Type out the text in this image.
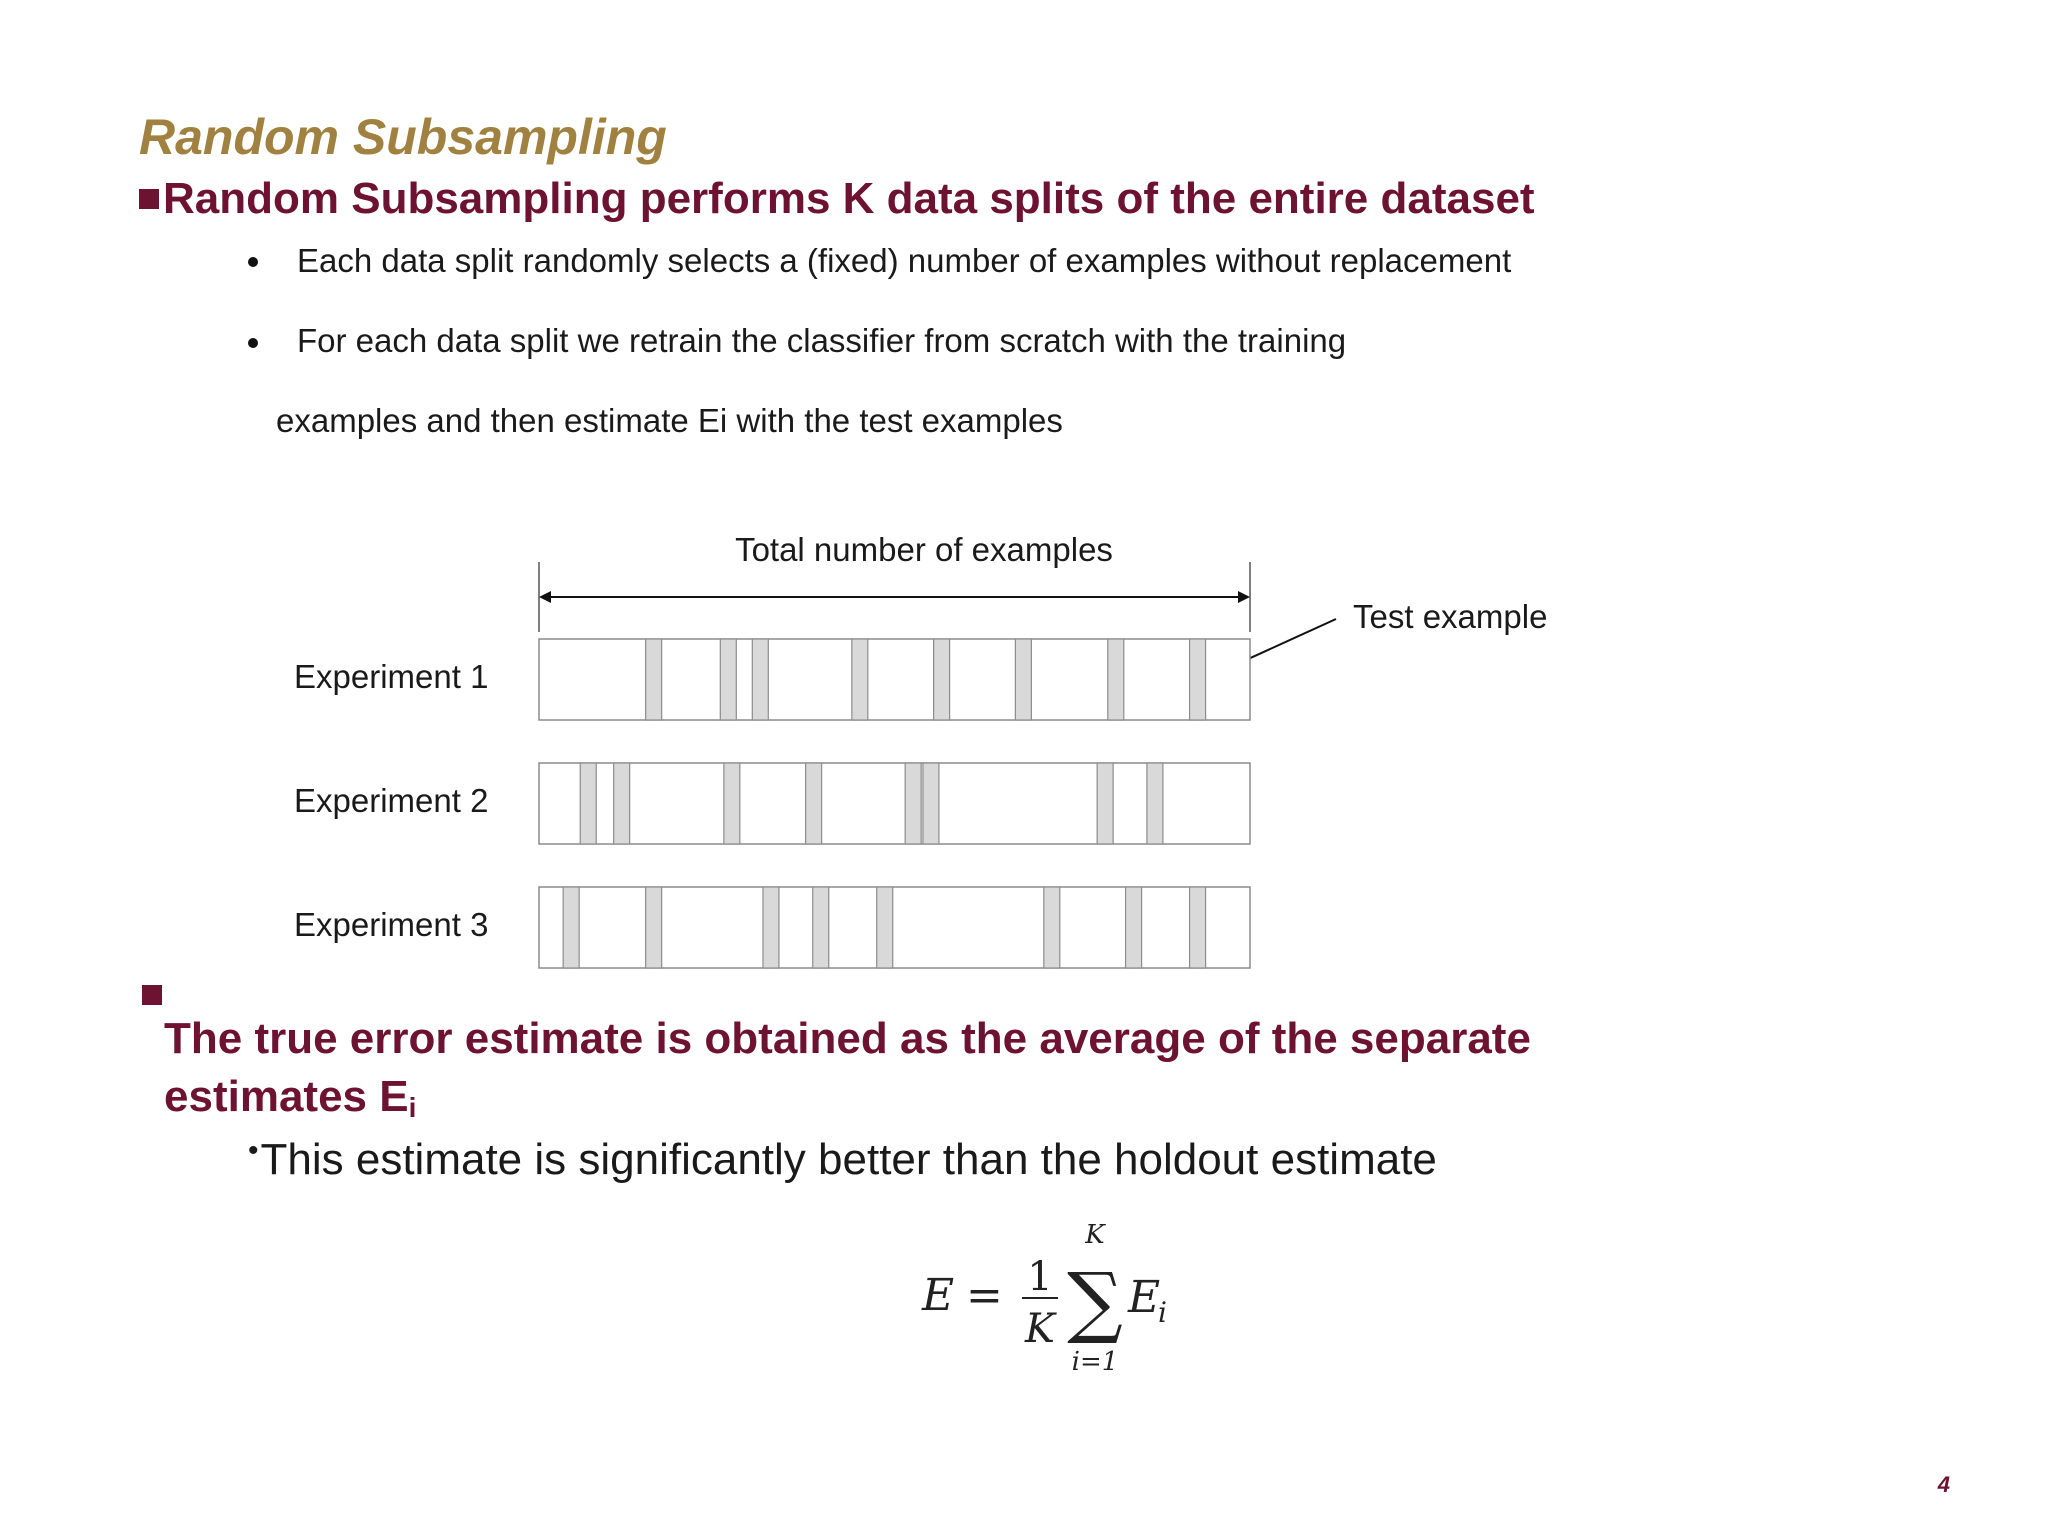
Random Subsampling
Random Subsampling performs K data splits of the entire dataset
Each data split randomly selects a (fixed) number of examples without replacement
For each data split we retrain the classifier from scratch with the training
examples and then estimate Ei with the test examples
Experiment 1
Experiment 2
Experiment 3
Total number of examples
Test example
The true error estimate is obtained as the average of the separate estimates $E_i$
•This estimate is significantly better than the holdout estimate
E = 1
K
K
∑
i=1
E
i
4
